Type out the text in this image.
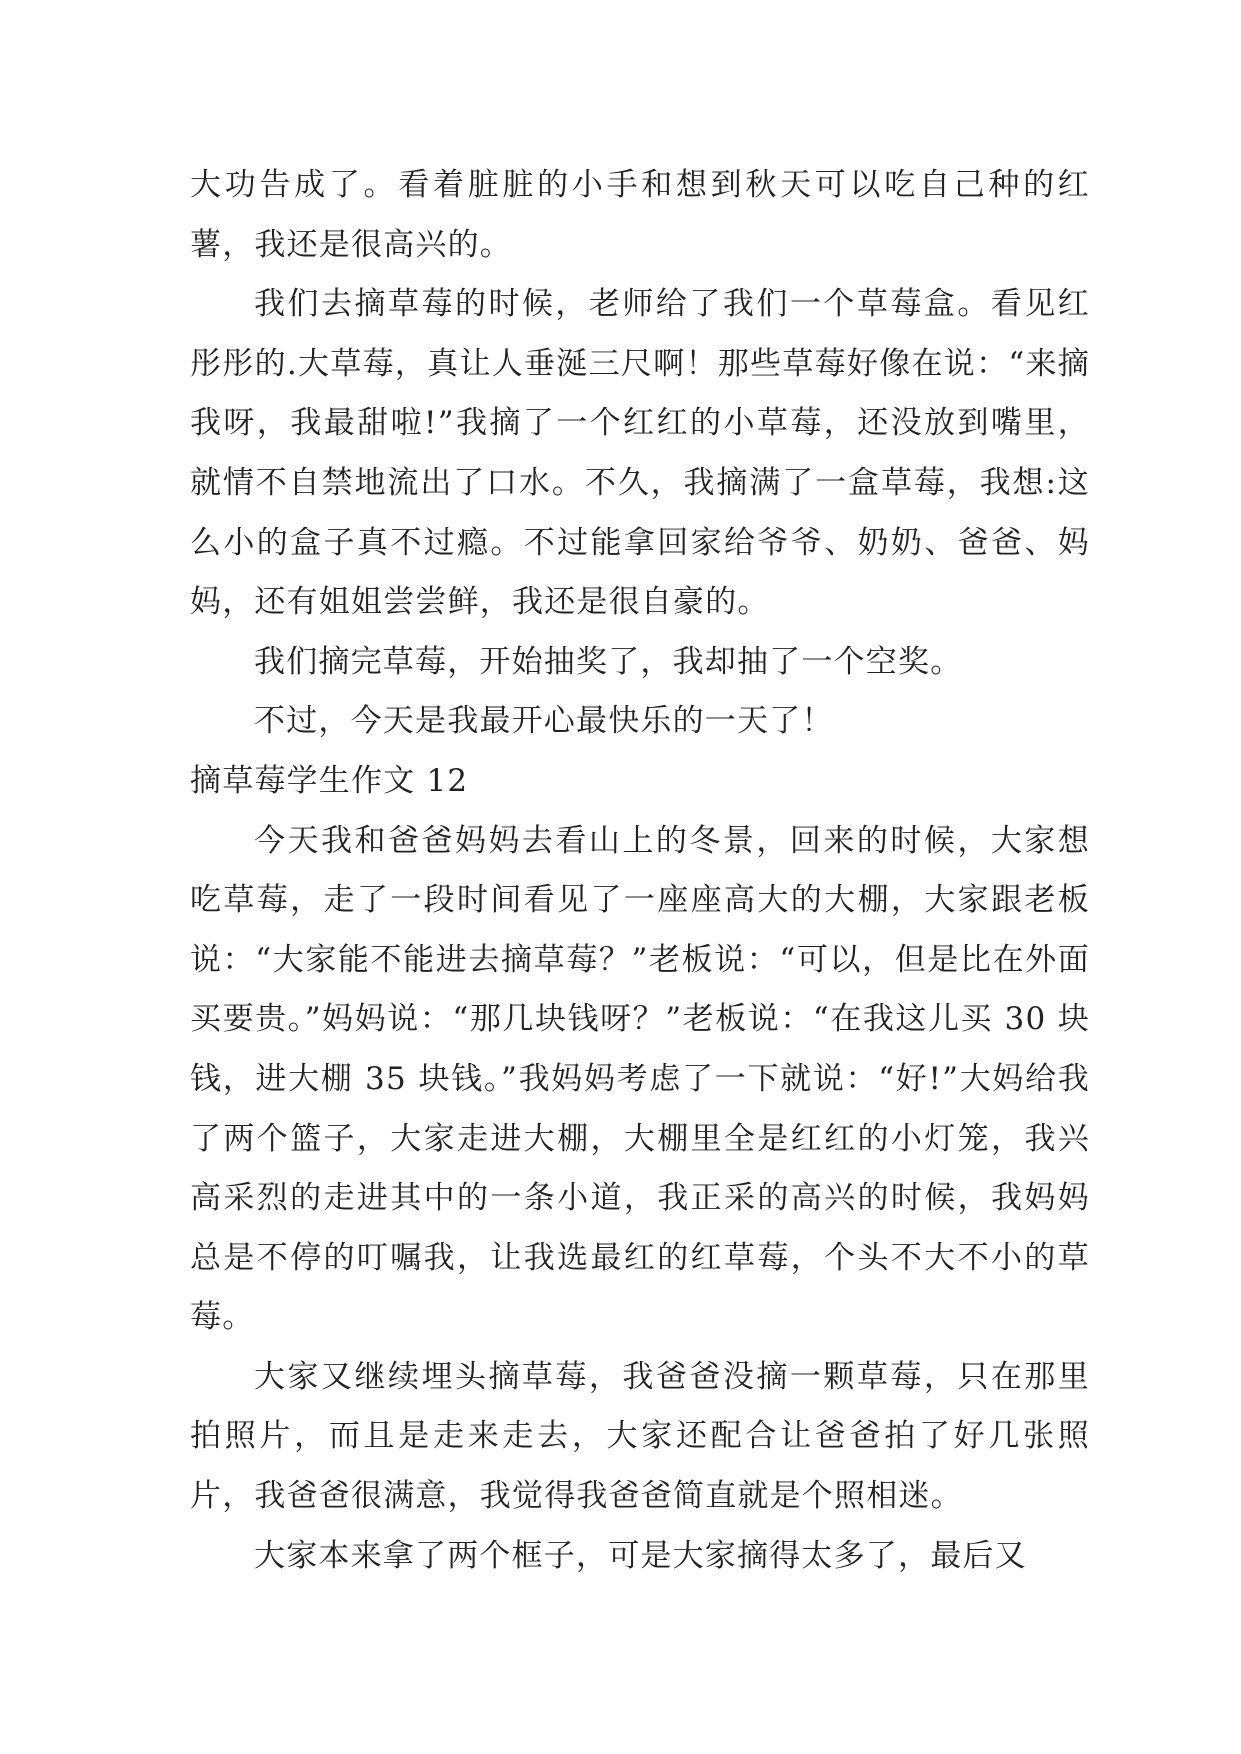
大功告成了。看着脏脏的小手和想到秋天可以吃自己种的红薯，我还是很高兴的。

我们去摘草莓的时候，老师给了我们一个草莓盒。看见红彤彤的.大草莓，真让人垂涎三尺啊！那些草莓好像在说：“来摘我呀，我最甜啦!”我摘了一个红红的小草莓，还没放到嘴里，就情不自禁地流出了口水。不久，我摘满了一盒草莓，我想:这么小的盒子真不过瘾。不过能拿回家给爷爷、奶奶、爸爸、妈妈，还有姐姐尝尝鲜，我还是很自豪的。

我们摘完草莓，开始抽奖了，我却抽了一个空奖。

不过，今天是我最开心最快乐的一天了！

摘草莓学生作文 12

今天我和爸爸妈妈去看山上的冬景，回来的时候，大家想吃草莓，走了一段时间看见了一座座高大的大棚，大家跟老板说：“大家能不能进去摘草莓？”老板说：“可以，但是比在外面买要贵。”妈妈说：“那几块钱呀？”老板说：“在我这儿买 30 块钱，进大棚 35 块钱。”我妈妈考虑了一下就说：“好!”大妈给我了两个篮子，大家走进大棚，大棚里全是红红的小灯笼，我兴高采烈的走进其中的一条小道，我正采的高兴的时候，我妈妈总是不停的叮嘱我，让我选最红的红草莓，个头不大不小的草莓。

大家又继续埋头摘草莓，我爸爸没摘一颗草莓，只在那里拍照片，而且是走来走去，大家还配合让爸爸拍了好几张照片，我爸爸很满意，我觉得我爸爸简直就是个照相迷。

大家本来拿了两个框子，可是大家摘得太多了，最后又
